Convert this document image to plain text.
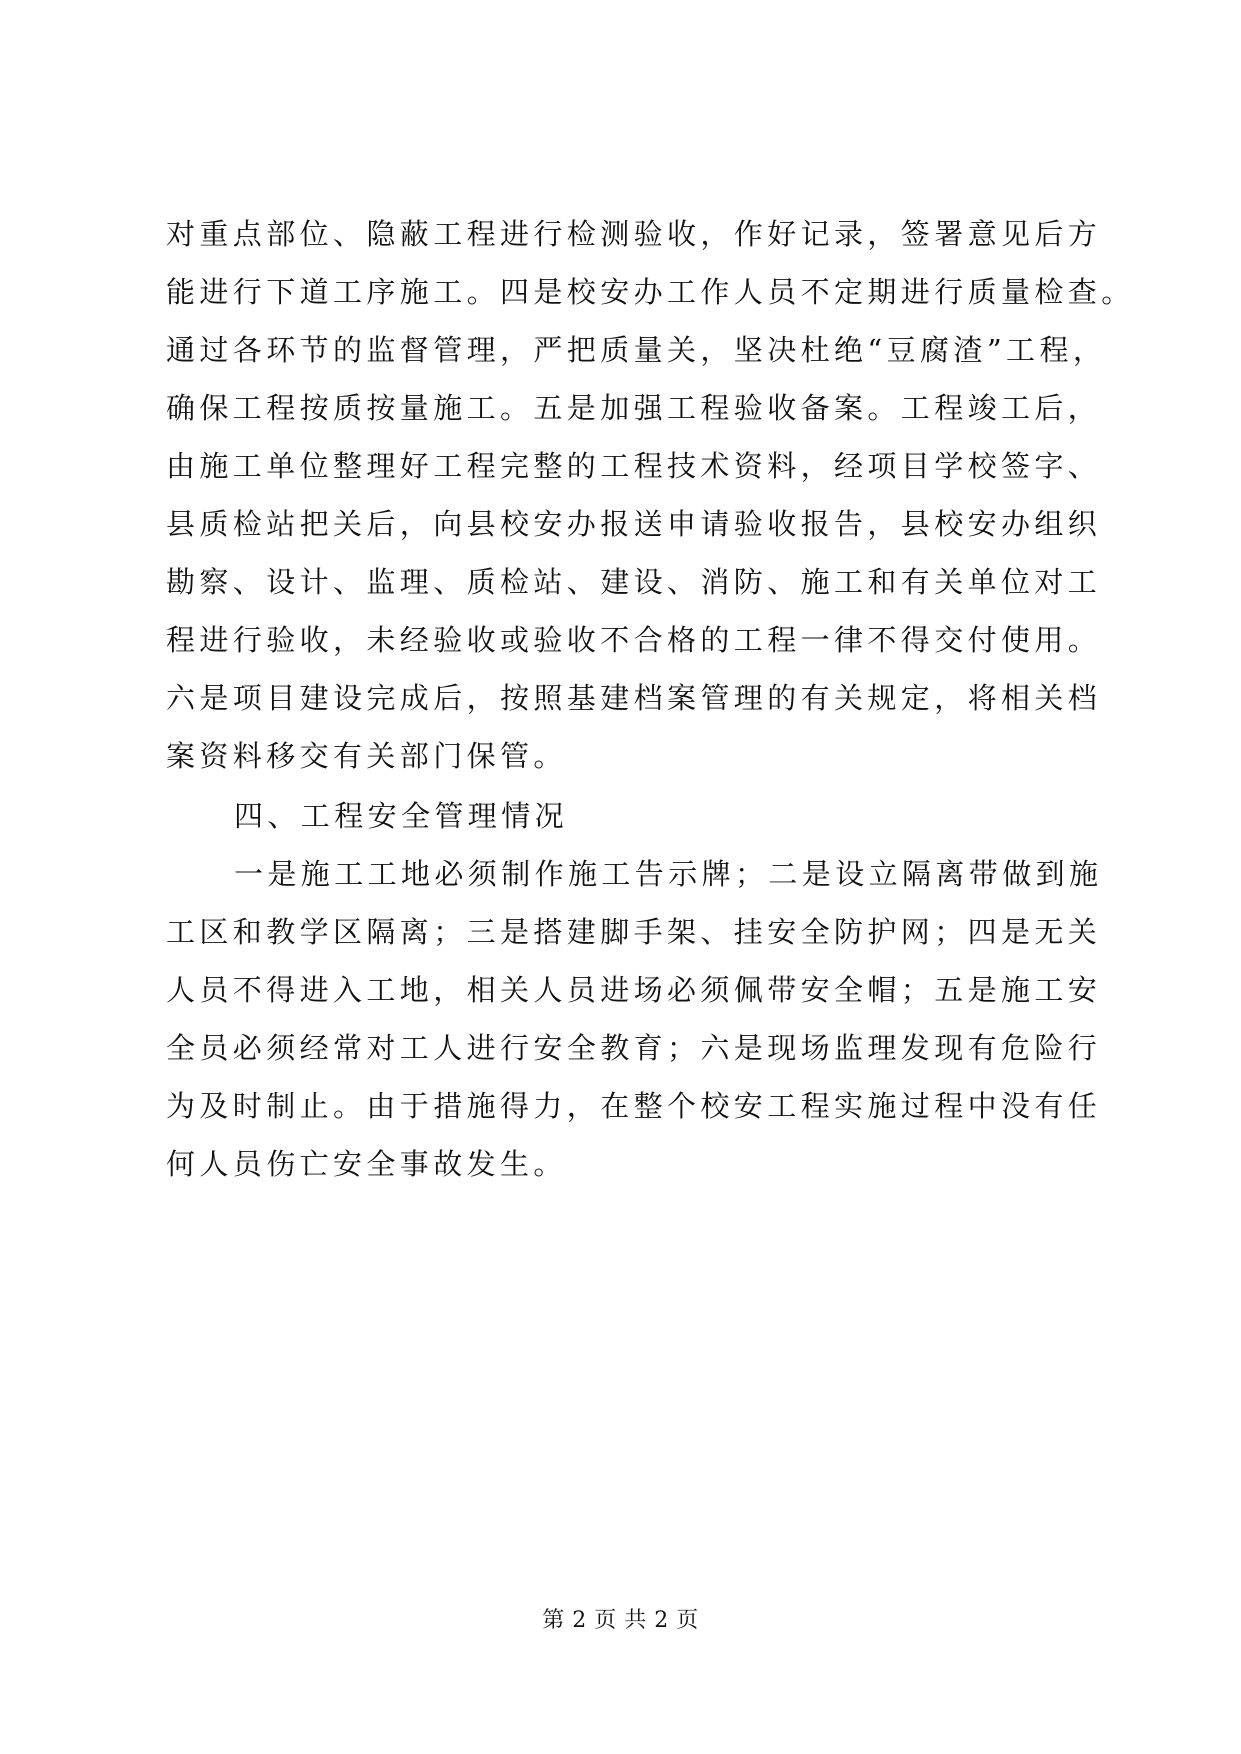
对重点部位、隐蔽工程进行检测验收，作好记录，签署意见后方
能进行下道工序施工。四是校安办工作人员不定期进行质量检查。
通过各环节的监督管理，严把质量关，坚决杜绝“豆腐渣”工程，
确保工程按质按量施工。五是加强工程验收备案。工程竣工后，
由施工单位整理好工程完整的工程技术资料，经项目学校签字、
县质检站把关后，向县校安办报送申请验收报告，县校安办组织
勘察、设计、监理、质检站、建设、消防、施工和有关单位对工
程进行验收，未经验收或验收不合格的工程一律不得交付使用。
六是项目建设完成后，按照基建档案管理的有关规定，将相关档
案资料移交有关部门保管。
四、工程安全管理情况
一是施工工地必须制作施工告示牌；二是设立隔离带做到施
工区和教学区隔离；三是搭建脚手架、挂安全防护网；四是无关
人员不得进入工地，相关人员进场必须佩带安全帽；五是施工安
全员必须经常对工人进行安全教育；六是现场监理发现有危险行
为及时制止。由于措施得力，在整个校安工程实施过程中没有任
何人员伤亡安全事故发生。
第 2 页 共 2 页
